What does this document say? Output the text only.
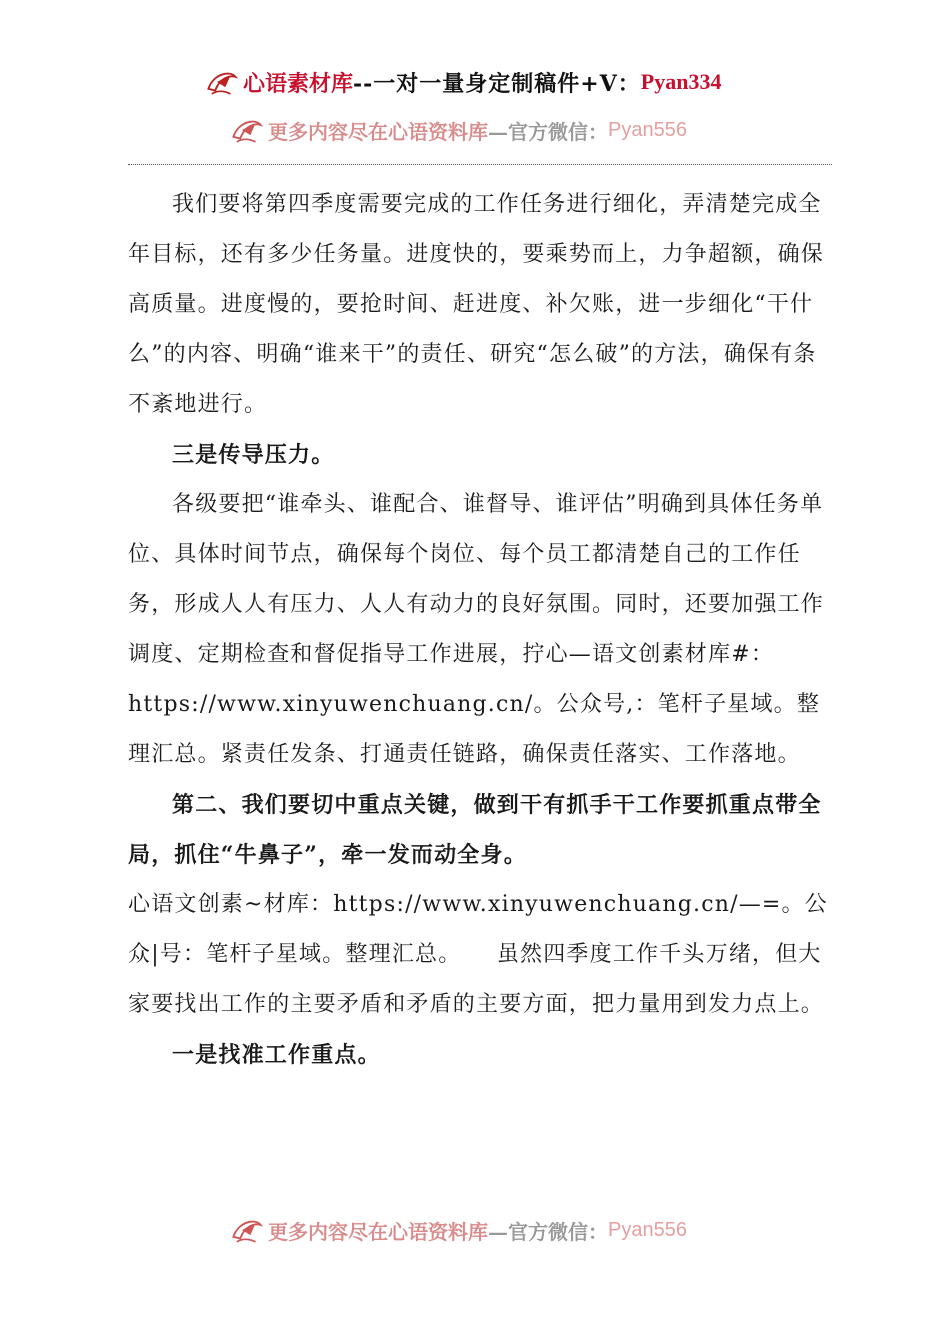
心语素材库 --一对一量身定制稿件+V： Pyan334
更多内容尽在心语资料库 —官方微信： Pyan556

我们要将第四季度需要完成的工作任务进行细化，弄清楚完成全年目标，还有多少任务量。进度快的，要乘势而上，力争超额，确保高质量。进度慢的，要抢时间、赶进度、补欠账，进一步细化“干什么”的内容、明确“谁来干”的责任、研究“怎么破”的方法，确保有条不紊地进行。

三是传导压力。

各级要把“谁牵头、谁配合、谁督导、谁评估”明确到具体任务单位、具体时间节点，确保每个岗位、每个员工都清楚自己的工作任务，形成人人有压力、人人有动力的良好氛围。同时，还要加强工作调度、定期检查和督促指导工作进展，拧心—语文创素材库#：https://www.xinyuwenchuang.cn/。公众号,：笔杆子星域。整理汇总。紧责任发条、打通责任链路，确保责任落实、工作落地。

第二、我们要切中重点关键，做到干有抓手干工作要抓重点带全局，抓住“牛鼻子”，牵一发而动全身。

心语文创素~材库：https://www.xinyuwenchuang.cn/—=。公众|号：笔杆子星域。整理汇总。　　虽然四季度工作千头万绪，但大家要找出工作的主要矛盾和矛盾的主要方面，把力量用到发力点上。

一是找准工作重点。

更多内容尽在心语资料库 —官方微信： Pyan556
